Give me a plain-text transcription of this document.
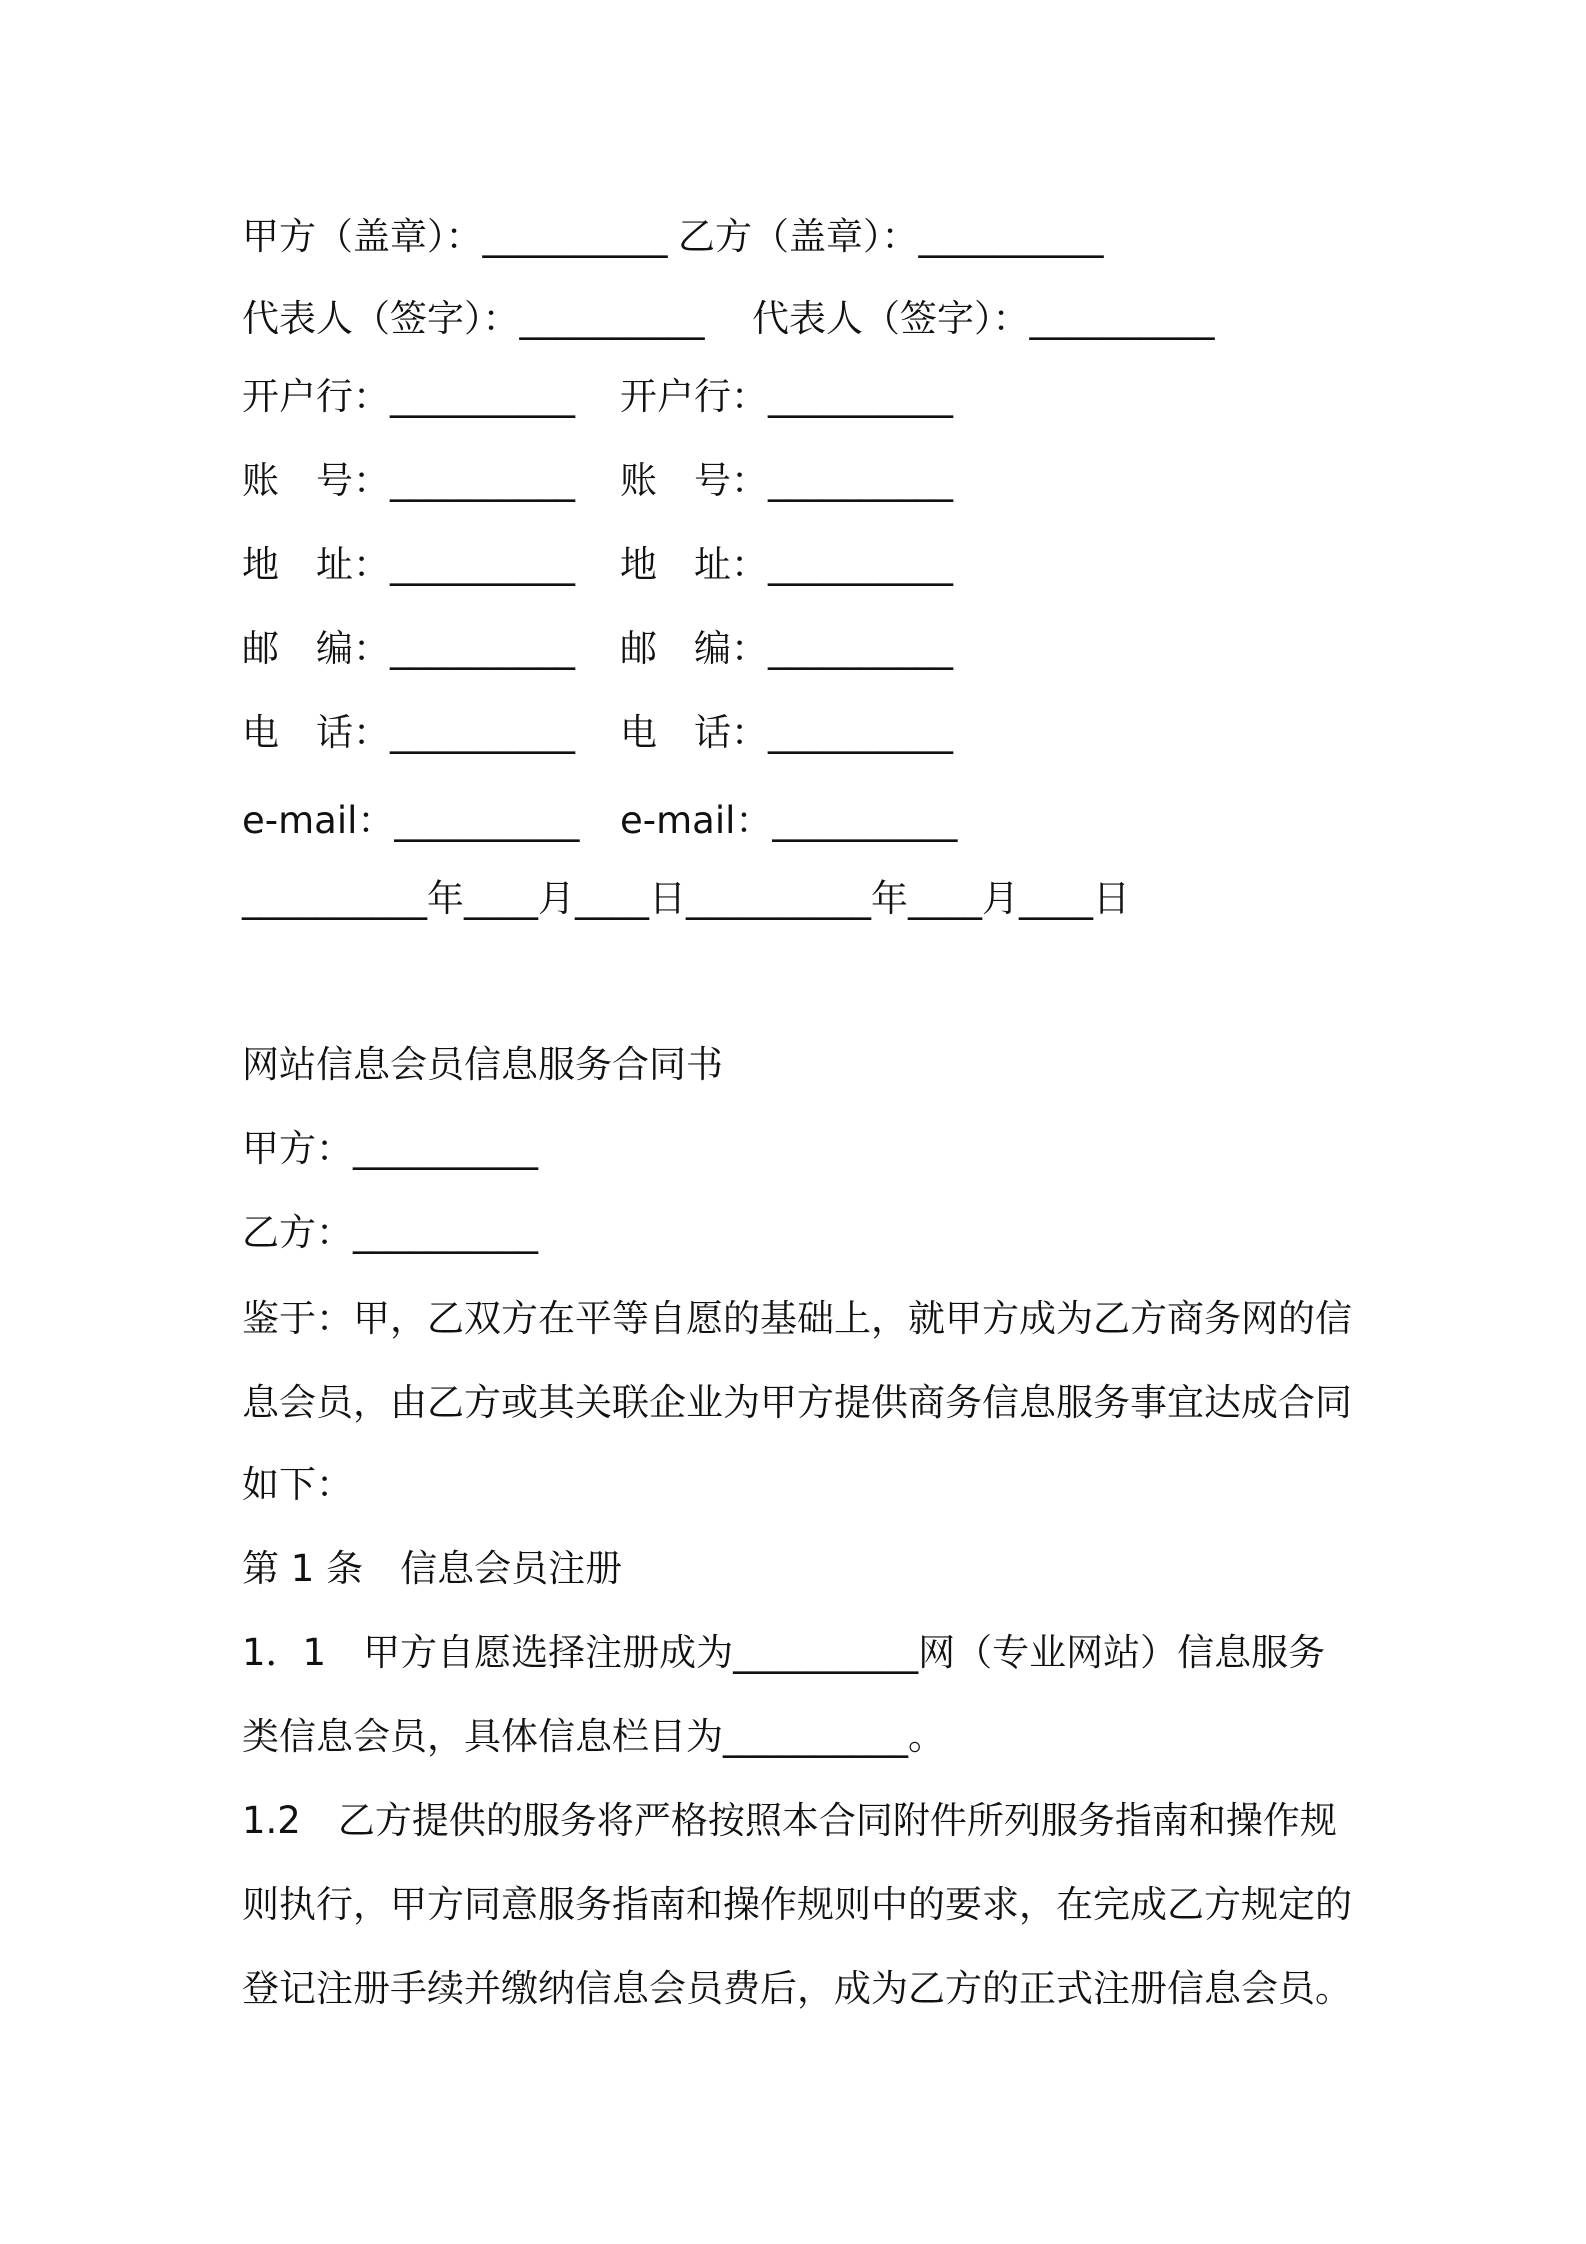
甲方（盖章）：__________ 乙方（盖章）：__________

代表人（签字）：__________ 代表人（签字）：__________

开户行：__________ 开户行：__________

账　号：__________ 账　号：__________

地　址：__________ 地　址：__________

邮　编：__________ 邮　编：__________

电　话：__________ 电　话：__________

e-mail：__________ e-mail：__________

__________年____月____日__________年____月____日

网站信息会员信息服务合同书

甲方：__________

乙方：__________

鉴于：甲，乙双方在平等自愿的基础上，就甲方成为乙方商务网的信

息会员，由乙方或其关联企业为甲方提供商务信息服务事宜达成合同

如下：

第 1 条　信息会员注册

1．1　甲方自愿选择注册成为__________网（专业网站）信息服务

类信息会员，具体信息栏目为__________。

1.2　乙方提供的服务将严格按照本合同附件所列服务指南和操作规

则执行，甲方同意服务指南和操作规则中的要求，在完成乙方规定的

登记注册手续并缴纳信息会员费后，成为乙方的正式注册信息会员。
